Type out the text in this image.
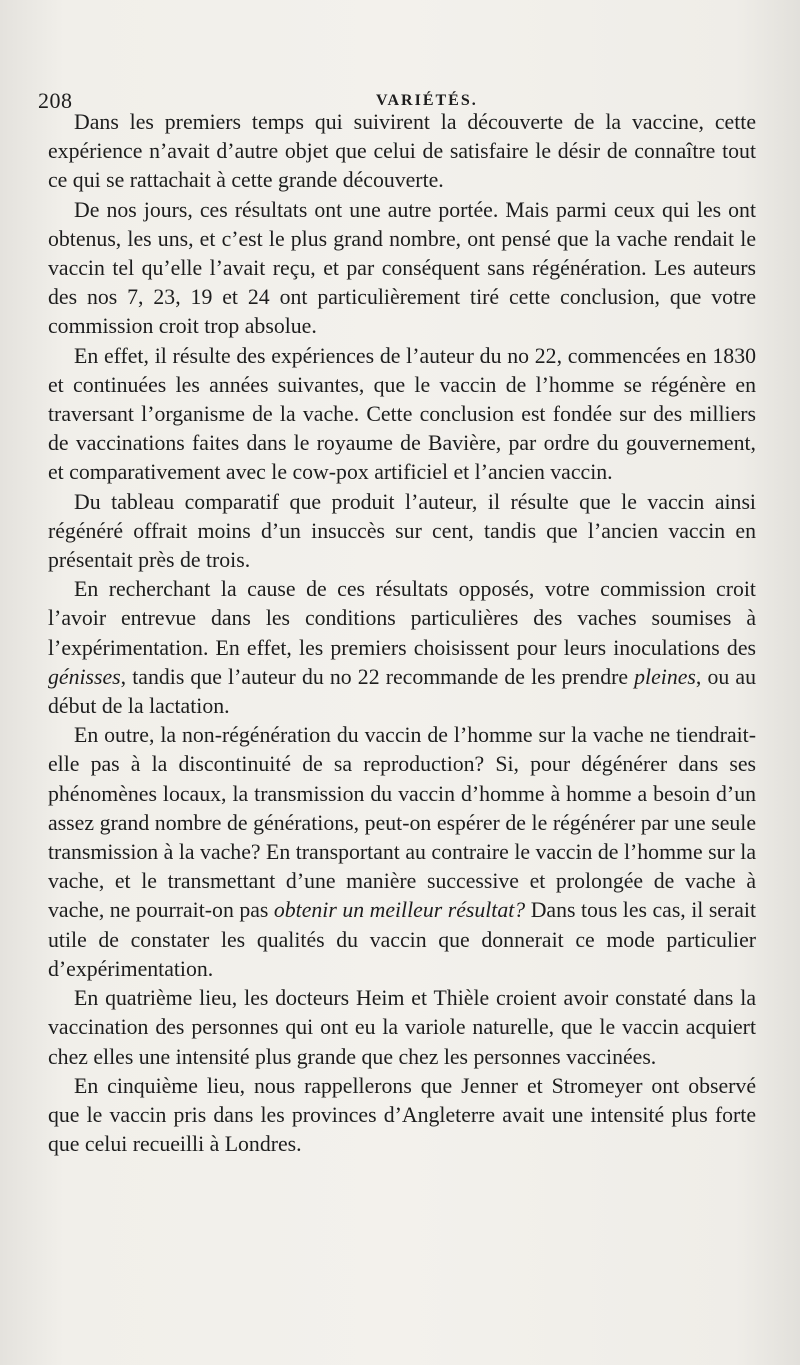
208	VARIÉTÉS.

Dans les premiers temps qui suivirent la découverte de la vaccine, cette expérience n’avait d’autre objet que celui de satisfaire le désir de connaître tout ce qui se rattachait à cette grande découverte.

De nos jours, ces résultats ont une autre portée. Mais parmi ceux qui les ont obtenus, les uns, et c’est le plus grand nombre, ont pensé que la vache rendait le vaccin tel qu’elle l’avait reçu, et par conséquent sans régénération. Les auteurs des nos 7, 23, 19 et 24 ont particulièrement tiré cette conclusion, que votre commission croit trop absolue.

En effet, il résulte des expériences de l’auteur du no 22, commencées en 1830 et continuées les années suivantes, que le vaccin de l’homme se régénère en traversant l’organisme de la vache. Cette conclusion est fondée sur des milliers de vaccinations faites dans le royaume de Bavière, par ordre du gouvernement, et comparativement avec le cow-pox artificiel et l’ancien vaccin.

Du tableau comparatif que produit l’auteur, il résulte que le vaccin ainsi régénéré offrait moins d’un insuccès sur cent, tandis que l’ancien vaccin en présentait près de trois.

En recherchant la cause de ces résultats opposés, votre commission croit l’avoir entrevue dans les conditions particulières des vaches soumises à l’expérimentation. En effet, les premiers choisissent pour leurs inoculations des génisses, tandis que l’auteur du no 22 recommande de les prendre pleines, ou au début de la lactation.

En outre, la non-régénération du vaccin de l’homme sur la vache ne tiendrait-elle pas à la discontinuité de sa reproduction? Si, pour dégénérer dans ses phénomènes locaux, la transmission du vaccin d’homme à homme a besoin d’un assez grand nombre de générations, peut-on espérer de le régénérer par une seule transmission à la vache? En transportant au contraire le vaccin de l’homme sur la vache, et le transmettant d’une manière successive et prolongée de vache à vache, ne pourrait-on pas obtenir un meilleur résultat? Dans tous les cas, il serait utile de constater les qualités du vaccin que donnerait ce mode particulier d’expérimentation.

En quatrième lieu, les docteurs Heim et Thièle croient avoir constaté dans la vaccination des personnes qui ont eu la variole naturelle, que le vaccin acquiert chez elles une intensité plus grande que chez les personnes vaccinées.

En cinquième lieu, nous rappellerons que Jenner et Stromeyer ont observé que le vaccin pris dans les provinces d’Angleterre avait une intensité plus forte que celui recueilli à Londres.
